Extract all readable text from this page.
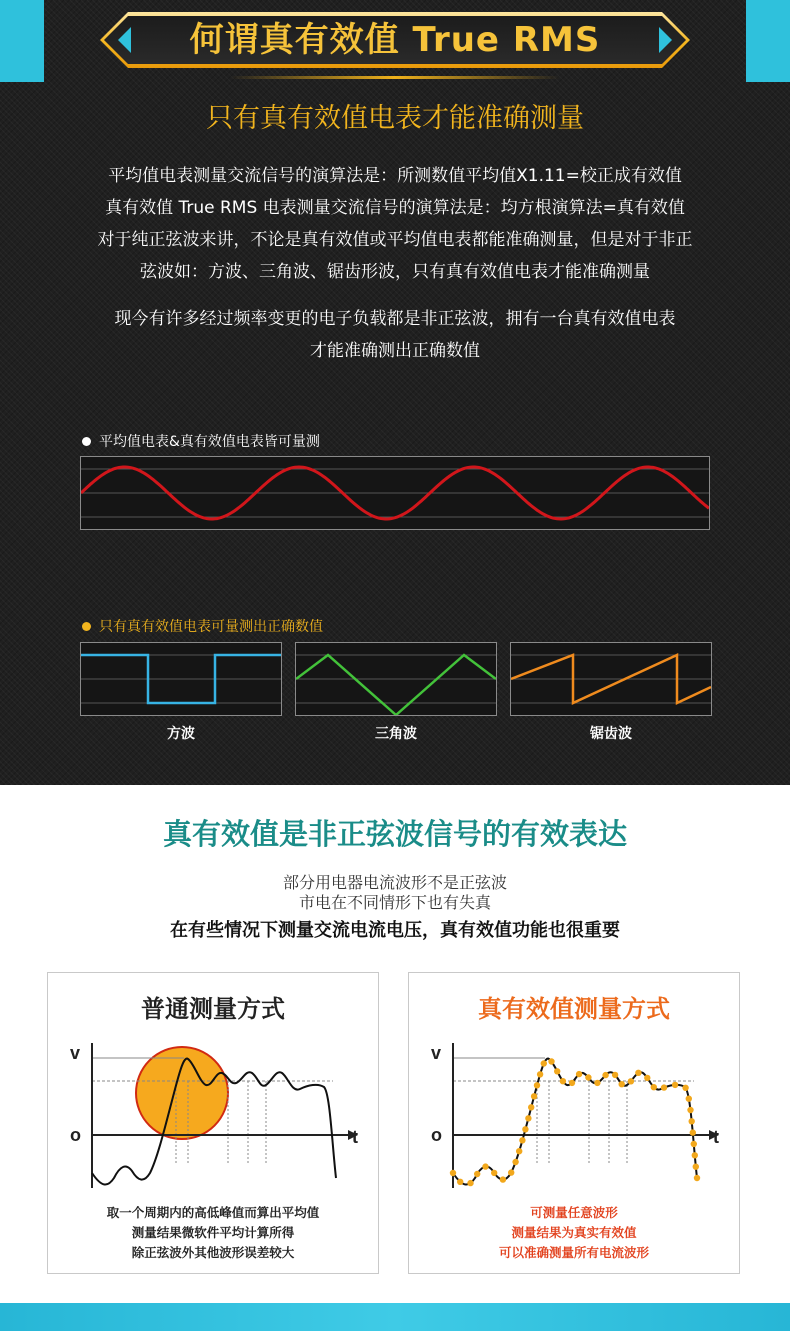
何谓真有效值 True RMS
只有真有效值电表才能准确测量
平均值电表测量交流信号的演算法是：所测数值平均值X1.11=校正成有效值
真有效值 True RMS 电表测量交流信号的演算法是：均方根演算法=真有效值
对于纯正弦波来讲，不论是真有效值或平均值电表都能准确测量，但是对于非正
弦波如：方波、三角波、锯齿形波，只有真有效值电表才能准确测量
现今有许多经过频率变更的电子负载都是非正弦波，拥有一台真有效值电表
才能准确测出正确数值
平均值电表&真有效值电表皆可量测
只有真有效值电表可量测出正确数值
方波	三角波	锯齿波
真有效值是非正弦波信号的有效表达
部分用电器电流波形不是正弦波
市电在不同情形下也有失真
在有些情况下测量交流电流电压，真有效值功能也很重要
普通测量方式
v
o	t
取一个周期内的高低峰值而算出平均值
测量结果微软件平均计算所得
除正弦波外其他波形误差较大
真有效值测量方式
v
o	t
可测量任意波形
测量结果为真实有效值
可以准确测量所有电流波形
